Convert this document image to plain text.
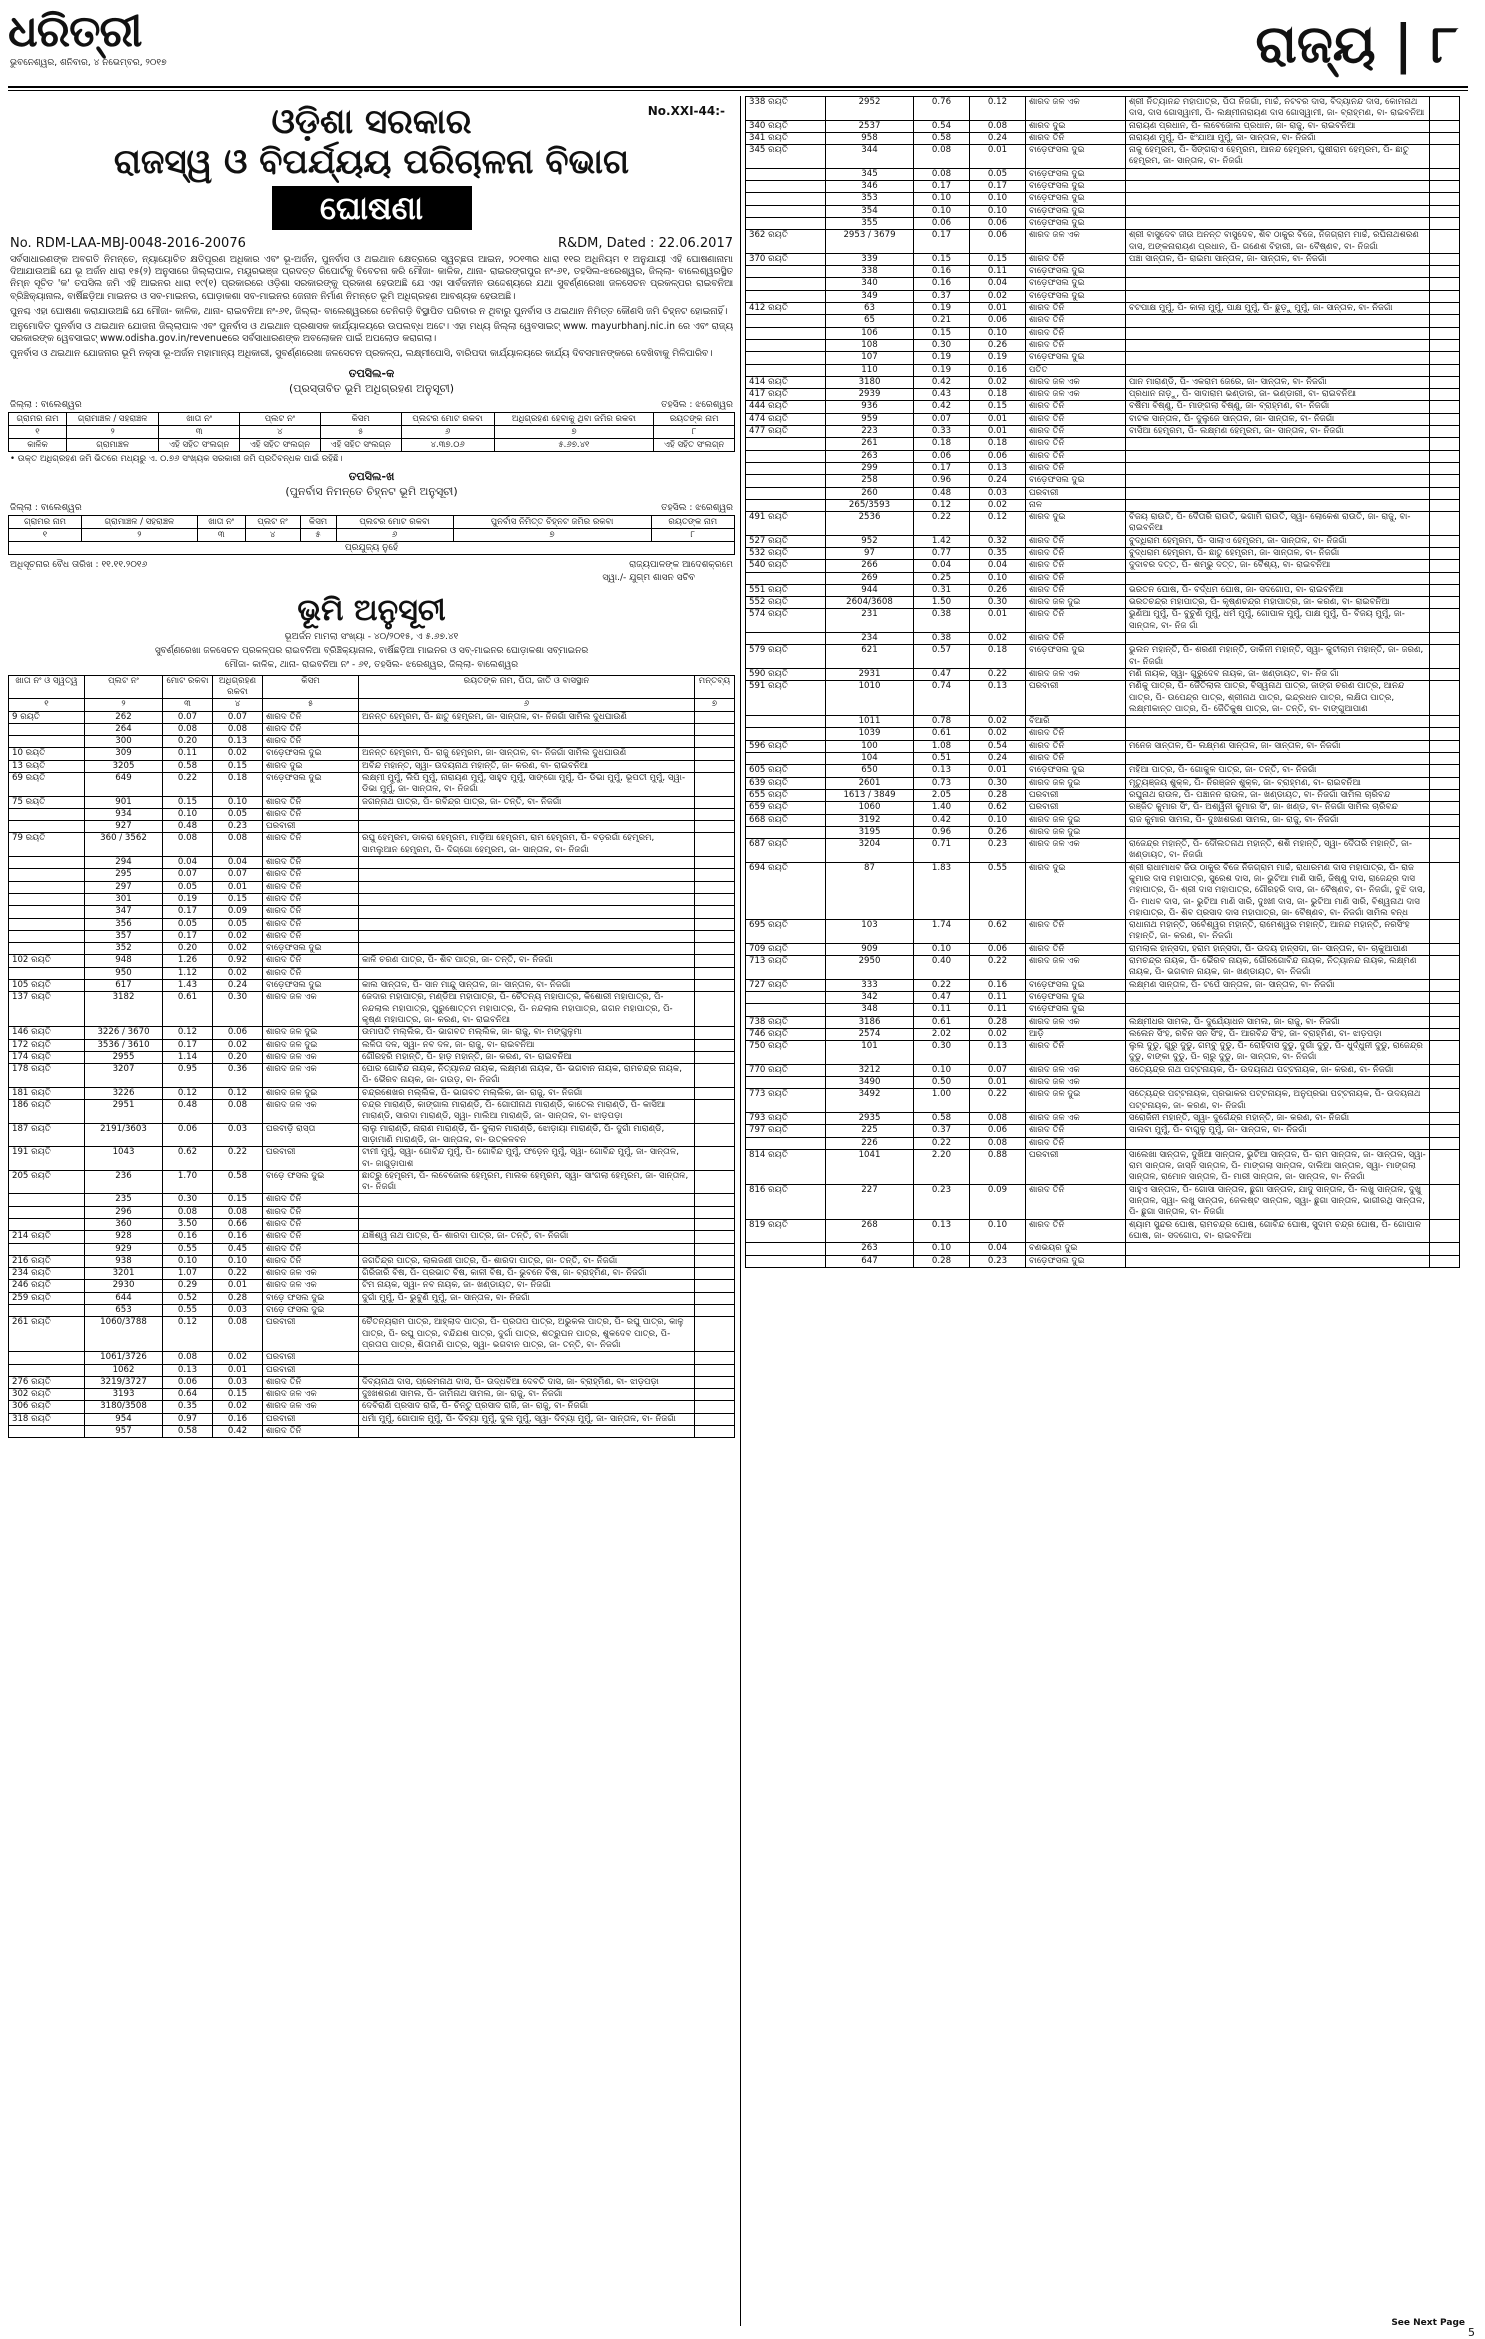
ଧରିତ୍ରୀ
ଭୁବନେଶ୍ୱର, ଶନିବାର, ୪ ନଭେମ୍ବର, ୨୦୧୭	ରାଜ୍ୟ | ୮
No.XXI-44:-
ଓଡ଼ିଶା ସରକାର
ରାଜସ୍ୱ ଓ ବିପର୍ଯ୍ୟୟ ପରିଚାଳନା ବିଭାଗ
ଘୋଷଣା
No. RDM-LAA-MBJ-0048-2016-20076	R&DM, Dated : 22.06.2017
ସର୍ବସାଧାରଣଙ୍କ ଅବଗତି ନିମନ୍ତେ, ନ୍ୟାୟୋଚିତ କ୍ଷତିପୂରଣ ଅଧିକାର ଏବଂ ଭୂ-ଅର୍ଜନ, ପୁନର୍ବାସ ଓ ଥଇଥାନ କ୍ଷେତ୍ରରେ ସ୍ୱଚ୍ଛତା ଆଇନ, ୨୦୧୩ର ଧାରା ୧୧ର ଅଧିନିୟମ ୧ ଅନୁଯାୟୀ ଏହି ଘୋଷଣାନାମା ଦିଆଯାଉଅଛି ଯେ ଭୂ ଅର୍ଜନ ଧାରା ୧୫(୨) ଅନୁସାରେ ଜିଲ୍ଲାପାଳ, ମୟୂରଭଞ୍ଜ ପ୍ରଦତ୍ତ ରିପୋର୍ଟକୁ ବିବେଚନା କରି ମୌଜା- କାଳିକ, ଥାନା- ରାଇରଙ୍ଗପୁର ନଂ-୬୧, ତହସିଲ-ଝରେଶ୍ୱର, ଜିଲ୍ଲା- ବାଲେଶ୍ୱରସ୍ଥିତ ନିମ୍ନ ସୂଚିତ 'କ' ତପସିଲ ଜମି ଏହି ଆଇନର ଧାରା ୧୯(୧) ପ୍ରକାରରେ ଓଡ଼ିଶା ସରକାରଙ୍କୁ ପ୍ରକାଶ ହେଉଅଛି ଯେ ଏହା ସାର୍ବଜନୀନ ଉଦ୍ଦେଶ୍ୟରେ ଯଥା ସୁବର୍ଣ୍ଣରେଖା ଜଳସେଚନ ପ୍ରକଳ୍ପର ରାଇବନିଆ ବ୍ରିଞ୍ଚିକ୍ୟାନାଲ, ବାର୍ଷିଛଡ଼ିଆ ମାଇନର ଓ ସବ-ମାଇନର, ଘୋଡ଼ାକଶା ସବ-ମାଇନର ଜେନାନ ନିର୍ମାଣ ନିମନ୍ତେ ଭୂମି ଅଧିଗ୍ରହଣ ଆବଶ୍ୟକ ହେଉଅଛି।
ପୁନଶ୍ଚ ଏହା ଘୋଷଣା କରାଯାଉଅଛି ଯେ ମୌଜା- କାଳିକ, ଥାନା- ରାଇବନିଆ ନଂ-୬୧, ଜିଲ୍ଲା- ବାଲେଶ୍ୱରରେ ଚେନିଗଡ଼ି ବିସ୍ଥାପିତ ପରିବାର ନ ଥିବାରୁ ପୁନର୍ବାସ ଓ ଥଇଥାନ ନିମିତ୍ତ କୌଣସି ଜମି ଚିହ୍ନଟ ହୋଇନାହିଁ।
ଅନୁମୋଦିତ ପୁନର୍ବାସ ଓ ଥଇଥାନ ଯୋଜନା ଜିଲ୍ଲାପାଳ ଏବଂ ପୁନର୍ବାସ ଓ ଥଇଥାନ ପ୍ରଶାସକ କାର୍ଯ୍ୟାଳୟରେ ଉପଲବ୍ଧ ଅଟେ। ଏହା ମଧ୍ୟ ଜିଲ୍ଲା ୱେବସାଇଟ୍ www. mayurbhanj.nic.in ରେ ଏବଂ ରାଜ୍ୟ ସରକାରଙ୍କ ୱେବସାଇଟ୍ www.odisha.gov.in/revenueରେ ସର୍ବସାଧାରଣଙ୍କ ଅବଲୋକନ ପାଇଁ ଅପଲୋଡ କରାଗଲା।
ପୁନର୍ବାସ ଓ ଥଇଥାନ ଯୋଜନାର ଭୂମି ନକ୍ସା ଭୂ-ଅର୍ଜନ ମହାମାନ୍ୟ ଅଧିକାରୀ, ସୁବର୍ଣ୍ଣରେଖା ଜଳସେଚନ ପ୍ରକଳ୍ପ, ଲକ୍ଷ୍ମୀପୋସି, ବାରିପଦା କାର୍ଯ୍ୟାଳୟରେ କାର୍ଯ୍ୟ ଦିବସମାନଙ୍କରେ ଦେଖିବାକୁ ମିଳିପାରିବ।
ତପସିଲ-କ
(ପ୍ରସ୍ତାବିତ ଭୂମି ଅଧିଗ୍ରହଣ ଅନୁସୂଚୀ)
ଜିଲ୍ଲା : ବାଲେଶ୍ୱର	ତହସିଲ : ଝରେଶ୍ୱର
ଗ୍ରାମର ନାମ	ଗ୍ରାମାଞ୍ଚଳ / ସହରାଞ୍ଚଳ	ଖାତା ନଂ	ପ୍ଲଟ ନଂ	କିସମ	ପ୍ଲଟର ମୋଟ ରକବା	ଅଧିଗ୍ରହଣ ହେବାକୁ ଥିବା ଜମିର ରକବା	ରୟତଙ୍କ ନାମ
୧	୨	୩	୪	୫	୬	୭	୮
କାଳିକ	ଗ୍ରାମାଞ୍ଚଳ	ଏହି ସହିତ ସଂଲଗ୍ନ	ଏହି ସହିତ ସଂଲଗ୍ନ	ଏହି ସହିତ ସଂଲଗ୍ନ	୪.୩୭.୦୬	୫.୬୭.୪୧	ଏହି ସହିତ ସଂଲଗ୍ନ
• ଉକ୍ତ ଅଧିଗ୍ରହଣ ଜମି ଭିତରେ ମଧ୍ୟରୁ ଏ. ୦.୭୬ ସଂଖ୍ୟକ ସରକାରୀ ଜମି ପ୍ରତିବନ୍ଧକ ପାଇଁ ରହିଛି।
ତପସିଲ-ଖ
(ପୁନର୍ବାସ ନିମନ୍ତେ ଚିହ୍ନଟ ଭୂମି ଅନୁସୂଚୀ)
ଜିଲ୍ଲା : ବାଲେଶ୍ୱର	ତହସିଲ : ଝରେଶ୍ୱର
ଗ୍ରାମର ନାମ	ଗ୍ରାମାଞ୍ଚଳ / ସହରାଞ୍ଚଳ	ଖାତା ନଂ	ପ୍ଲଟ ନଂ	କିସମ	ପ୍ଲଟର ମୋଟ ରକବା	ପୁନର୍ବାସ ନିମିତ୍ତ ଚିହ୍ନଟ ଜମିର ରକବା	ରୟତଙ୍କ ନାମ
୧	୨	୩	୪	୫	୬	୭	୮
ପ୍ରଯୁଜ୍ୟ ନୁହେଁ
ଅଧିସୂଚନାର ବୈଧ ତାରିଖ : ୧୧.୧୧.୨୦୧୬	ରାଜ୍ୟପାଳଙ୍କ ଆଦେଶକ୍ରମେ
ସ୍ୱା./- ଯୁଗ୍ମ ଶାସନ ସଚିବ
ଭୂମି ଅନୁସୂଚୀ
ଭୂଅର୍ଜନ ମାମଲା ସଂଖ୍ୟା - ୪୦/୨୦୧୫, ଏ ୫.୬୭.୪୧
ସୁବର୍ଣ୍ଣରେଖା ଜଳସେଚନ ପ୍ରକଳ୍ପର ରାଇବନିଆ ବ୍ରିଞ୍ଚିକ୍ୟାନାଲ, ବାର୍ଷିଛଡ଼ିଆ ମାଇନର ଓ ସବ୍-ମାଇନର ଘୋଡ଼ାକଶା ସବ୍‌ମାଇନର
ମୌଜା- କାଳିକ, ଥାନା- ରାଇବନିଆ ନଂ - ୬୧, ତହସିଲ- ଝରେଶ୍ୱର, ଜିଲ୍ଲା- ବାଲେଶ୍ୱର
ଖାତା ନଂ ଓ ସ୍ୱତ୍ୱ	ପ୍ଲଟ ନଂ	ମୋଟ ରକବା	ଅଧିଗ୍ରହଣ ରକବା	କିସମ	ରୟତଙ୍କ ନାମ, ପିତା, ଜାତି ଓ ବାସସ୍ଥାନ	ମନ୍ତବ୍ୟ
୧	୨	୩	୪	୫	୬	୭
9 ରୟତି	262	0.07	0.07	ଶାରଦ ତିନି	ଅନନ୍ତ ହେମ୍ବ୍ରମ, ପି- ଛାତୁ ହେମ୍ବ୍ରମ, ଜା- ସାନ୍ତାଳ, ବା- ନିଜଗାଁ ସାମିଲ ଦୁଧଘାଉଣି	
	264	0.08	0.08	ଶାରଦ ତିନି		
	300	0.20	0.13	ଶାରଦ ତିନି		
10 ରୟତି	309	0.11	0.02	ବାଡ଼େଫସଲ ଦୁଇ	ଅନନ୍ତ ହେମ୍ବ୍ରମ, ପି- ରାଜୁ ହେମ୍ବ୍ରମ, ଜା- ସାନ୍ତାଳ, ବା- ନିଜଗାଁ ସାମିଲ ଦୁଧଘାଉଣି	
13 ରୟତି	3205	0.58	0.15	ଶାରଦ ଦୁଇ	ଅବିନ୍ଦ ମହାନ୍ତ, ସ୍ୱା- ଉଦୟନାଥ ମହାନ୍ତି, ଜା- କରଣ, ବା- ରାଇବନିଆ	
69 ରୟତି	649	0.22	0.18	ବାଡ଼େଫସଲ ଦୁଇ	ଲକ୍ଷ୍ମୀ ମୁର୍ମୁ, ଲିପି ମୁର୍ମୁ, ନାରାୟଣ ମୁର୍ମୁ, ସାହୁଦ ମୁର୍ମୁ, ସାଙ୍ଗୋ ମୁର୍ମୁ, ପି- ଡିଭା ମୁର୍ମୁ, ଭୂପତୀ ମୁର୍ମୁ, ସ୍ୱା- ଡିଭା ମୁର୍ମୁ, ଜା- ସାନ୍ତାଳ, ବା- ନିଜଗାଁ	
75 ରୟତି	901	0.15	0.10	ଶାରଦ ତିନି	ଜଗନ୍ନାଥ ପାତ୍ର, ପି- ରବିନ୍ଦ୍ର ପାତ୍ର, ଜା- ତନ୍ତି, ବା- ନିଜଗାଁ	
	934	0.10	0.05	ଶାରଦ ତିନି		
	927	0.48	0.23	ଘରବାରୀ		
79 ରୟତି	360 / 3562	0.08	0.08	ଶାରଦ ତିନି	ରଘୁ ହେମ୍ବ୍ରମ, ଡାକରା ହେମ୍ବ୍ରମ, ମାଡ଼ିଆ ହେମ୍ବ୍ରମ, ରାମ ହେମ୍ବ୍ରମ, ପି- ବଡ଼ରଗାଁ ହେମ୍ବ୍ରମ, ସାମଲୁଆନ ହେମ୍ବ୍ରମ, ପି- ଦିଗ୍ଗୋ ହେମ୍ବ୍ରମ, ଜା- ସାନ୍ତାଳ, ବା- ନିଜଗାଁ	
	294	0.04	0.04	ଶାରଦ ତିନି		
	295	0.07	0.07	ଶାରଦ ତିନି		
	297	0.05	0.01	ଶାରଦ ତିନି		
	301	0.19	0.15	ଶାରଦ ତିନି		
	347	0.17	0.09	ଶାରଦ ତିନି		
	356	0.05	0.05	ଶାରଦ ତିନି		
	357	0.17	0.02	ଶାରଦ ତିନି		
	352	0.20	0.02	ବାଡ଼େଫସଲ ଦୁଇ		
102 ରୟତି	948	1.26	0.92	ଶାରଦ ତିନି	କାଳି ଚରଣ ପାତ୍ର, ପି- ଶିବ ପାତ୍ର, ଜା- ତନ୍ତି, ବା- ନିଜଗାଁ	
	950	1.12	0.02	ଶାରଦ ତିନି		
105 ରୟତି	617	1.43	0.24	ବାଡ଼େଫସଲ ଦୁଇ	କାଲ ସାନ୍ତାଳ, ପି- ସାନ ମାନ୍ଦୁ ସାନ୍ତାଳ, ଜା- ସାନ୍ତାଳ, ବା- ନିଜଗାଁ	
137 ରୟତି	3182	0.61	0.30	ଶାରଦ ଜଳ ଏକ	ଜେଦାର ମହାପାତ୍ର, ମଣ୍ଡିଆ ମହାପାତ୍ର, ପି- ଚୈତନ୍ୟ ମହାପାତ୍ର, କିଶୋରୀ ମହାପାତ୍ର, ପି- ନନ୍ଦଲାଲ ମହାପାତ୍ର, ପୁରୁଷୋତ୍ତମ ମହାପାତ୍ର, ପି- ନନ୍ଦଲାଲ ମହାପାତ୍ର, ଗଗନ ମହାପାତ୍ର, ପି- କୃଷ୍ଣ ମହାପାତ୍ର, ଜା- କରଣ, ବା- ରାଇବନିଆ	
146 ରୟତି	3226 / 3670	0.12	0.06	ଶାରଦ ଜଳ ଦୁଇ	ଉମାପତି ମଲ୍ଲିକ, ପି- ଭାଗବତ ମଲ୍ଲିକ, ଜା- ରାଜୁ, ବା- ମଙ୍ଗୁଳୁମା	
172 ରୟତି	3536 / 3610	0.17	0.02	ଶାରଦ ଜଳ ଦୁଇ	ଲଳିତା ଦଳ, ସ୍ୱା- ନବ ଦଳ, ଜା- ରାଜୁ, ବା- ରାଇବନିଆ	
174 ରୟତି	2955	1.14	0.20	ଶାରଦ ଜଳ ଏକ	ଗୌରହରି ମହାନ୍ତି, ପି- ହାଡ଼ ମହାନ୍ତି, ଜା- କରଣ, ବା- ରାଇବନିଆ	
178 ରୟତି	3207	0.95	0.36	ଶାରଦ ଜଳ ଏକ	ଘୋର ଗୋବିନ୍ଦ ନାୟକ, ନିତ୍ୟାନନ୍ଦ ନାୟକ, ଲକ୍ଷ୍ମଣ ନାୟକ, ପି- ଭଗବାନ ନାୟକ, ରାମଚନ୍ଦ୍ର ନାୟକ, ପି- ଭୈରବ ନାୟକ, ଜା- ଗଉଡ଼, ବା- ନିଜଗାଁ	
181 ରୟତି	3226	0.12	0.12	ଶାରଦ ଜଳ ଦୁଇ	ଚନ୍ଦ୍ରଶେଖର ମଲ୍ଲିକ, ପି- ଭାଗବତ ମଲ୍ଲିକ, ଜା- ରାଜୁ, ବା- ନିଜଗାଁ	
186 ରୟତି	2951	0.48	0.08	ଶାରଦ ଜଳ ଏକ	ଚନ୍ଦ୍ର ମାରାଣ୍ଡି, କାଙ୍ଗାଲ ମାରାଣ୍ଡି, ପି- ଗୋପୀନାଥ ମାରାଣ୍ଡି, କାତେଲ ମାରାଣ୍ଡି, ପି- କାସିଆ ମାରାଣ୍ଡି, ସାରଦା ମାରାଣ୍ଡି, ସ୍ୱା- ମାଲିଆ ମାରାଣ୍ଡି, ଜା- ସାନ୍ତାଳ, ବା- ଝାଡ଼ପଡ଼ା	
187 ରୟତି	2191/3603	0.06	0.03	ଘରବାଡ଼ି ରାସ୍ତା	ଲାଲୁ ମାରାଣ୍ଡି, ନାରାଣ ମାରାଣ୍ଡି, ପି- ଦୁଲାଳ ମାରାଣ୍ଡି, ଝୋଡ଼ାୟା ମାରାଣ୍ଡି, ପି- ଦୁର୍ଗା ମାରାଣ୍ଡି, ସାଡ଼ାମାଣି ମାରାଣ୍ଡି, ଜା- ସାନ୍ତାଳ, ବା- ଉତ୍କଳବନ	
191 ରୟତି	1043	0.62	0.22	ଘରବାରୀ	ଟାମୀ ମୁର୍ମୁ, ସ୍ୱା- ଗୋବିନ୍ଦ ମୁର୍ମୁ, ପି- ଗୋବିନ୍ଦ ମୁର୍ମୁ, ଫଡ଼େନ ମୁର୍ମୁ, ସ୍ୱା- ଗୋବିନ୍ଦ ମୁର୍ମୁ, ଜା- ସାନ୍ତାଳ, ବା- ଜାଗୁଡ଼ାପାଶ	
205 ରୟତି	236	1.70	0.58	ବାଡ଼େ ଫସଲ ଦୁଇ	ଛାତ୍ରୁ ହେମ୍ବ୍ରମ, ପି- ଲବେଜୋଲ ହେମ୍ବ୍ରମ, ମାଲକ ହେମ୍ବ୍ରମ, ସ୍ୱା- ସାଂଗଲା ହେମ୍ବ୍ରମ, ଜା- ସାନ୍ତାଳ, ବା- ନିଜଗାଁ	
	235	0.30	0.15	ଶାରଦ ତିନି		
	296	0.08	0.08	ଶାରଦ ତିନି		
	360	3.50	0.66	ଶାରଦ ତିନି		
214 ରୟତି	928	0.16	0.16	ଶାରଦ ତିନି	ଯଜ୍ଞିଶ୍ୱ ନାଥ ପାତ୍ର, ପି- ଶାରଦା ପାତ୍ର, ଜା- ତନ୍ତି, ବା- ନିଜଗାଁ	
	929	0.55	0.45	ଶାରଦ ତିନି		
216 ରୟତି	938	0.10	0.10	ଶାରଦ ତିନି	ଜଗତିନ୍ଦ୍ର ପାତ୍ର, ଲାଲଜଣୀ ପାତ୍ର, ପି- ଶାରଦା ପାତ୍ର, ଜା- ତନ୍ତି, ବା- ନିଜଗାଁ	
234 ରୟତି	3201	1.07	0.22	ଶାରଦ ଜଳ ଏକ	ଗିରିଜାରି ବିଷ, ପି- ପ୍ରଭାତ ବିଷ, କାଳୀ ବିଷ, ପି- ଭୁବନେ ବିଷ, ଜା- ବ୍ରାହ୍ମିଣ, ବା- ନିଜଗାଁ	
246 ରୟତି	2930	0.29	0.01	ଶାରଦ ଜଳ ଏକ	ଟିମ ନାୟକ, ସ୍ୱା- ନବ ନାୟକ, ଜା- ଖଣ୍ଡାୟତ, ବା- ନିଜଗାଁ	
259 ରୟତି	644	0.52	0.28	ବାଡ଼େ ଫସଲ ଦୁଇ	ଦୁର୍ଗା ମୁର୍ମୁ, ପି- ଭୁବୁଣି ମୁର୍ମୁ, ଜା- ସାନ୍ତାଳ, ବା- ନିଜଗାଁ	
	653	0.55	0.03	ବାଡ଼େ ଫସଲ ଦୁଇ		
261 ରୟତି	1060/3788	0.12	0.08	ଘରବାରୀ	ଚୈତନ୍ୟରାମ ପାତ୍ର, ଆହ୍ଲାଦ ପାତ୍ର, ପି- ପ୍ରତାପ ପାତ୍ର, ଅଭୁକଲ ପାତ୍ର, ପି- ରଘୁ ପାତ୍ର, କାଳୁ ପାତ୍ର, ପି- ରଘୁ ପାତ୍ର, ବନ୍ଦିଯଶ ପାତ୍ର, ଦୁର୍ଗା ପାତ୍ର, ଶତ୍ରୁଘନ ପାତ୍ର, ଶୁକଦେବ ପାତ୍ର, ପି- ପ୍ରତାପ ପାତ୍ର, ଶିତାମଣି ପାତ୍ର, ସ୍ୱା- ଭଗବାନ ପାତ୍ର, ଜା- ତନ୍ତି, ବା- ନିଜଗାଁ	
	1061/3726	0.08	0.02	ଘରବାରୀ		
	1062	0.13	0.01	ଘରବାରୀ		
276 ରୟତି	3219/3727	0.06	0.03	ଶାରଦ ତିନି	ଦିବ୍ୟନାଥ ଦାସ, ପ୍ରେମନାଥ ଦାସ, ପି- ଉଦ୍ଧବିଆ ଦେବତି ଦାସ, ଜା- ବ୍ରାହ୍ମିଣ, ବା- ଝାଡ଼ପଡ଼ା	
302 ରୟତି	3193	0.64	0.15	ଶାରଦ ଜଳ ଏକ	ଦୁଃଖଶରଣ ସାମଲ, ପି- ଜାମିନାଥ ସାମଲ, ଜା- ରାଜୁ, ବା- ନିଜଗାଁ	
306 ରୟତି	3180/3508	0.35	0.02	ଶାରଦ ଜଳ ଏକ	ଦେବିରାଣି ପ୍ରସାଦ ରାଜି, ପି- ଚିନ୍ତୁ ପ୍ରସାଦ ରାଜି, ଜା- ରାଜୁ, ବା- ନିଜଗାଁ	
318 ରୟତି	954	0.97	0.16	ଘରବାରୀ	ଧର୍ମା ମୁର୍ମୁ, ଗୋପାଳ ମୁର୍ମୁ, ପି- ଦିବ୍ୟା ମୁର୍ମୁ, ଦୁଲ ମୁର୍ମୁ, ସ୍ୱା- ଦିବ୍ୟା ମୁର୍ମୁ, ଜା- ସାନ୍ତାଳ, ବା- ନିଜଗାଁ	
	957	0.58	0.42	ଶାରଦ ତିନି		
338 ରୟତି	2952	0.76	0.12	ଶାରଦ ଜଳ ଏକ	ଶ୍ରୀ ନିତ୍ୟାନନ୍ଦ ମହାପାତ୍ର, ପିତା ନିଜଗାଁ, ମାର୍ଚ୍ଚ, ନଟବର ଦାସ, ବିଦ୍ୟାନନ୍ଦ ଦାସ, କୋମନାଥ ଦାସ, ଦାସ ଗୋସ୍ୱାମୀ, ପି- ଲକ୍ଷ୍ମୀନାରାୟଣ ଦାସ ଗୋସ୍ୱାମୀ, ଜା- ବ୍ରାହ୍ମଣ, ବା- ରାଇବନିଆ	
340 ରୟତି	2537	0.54	0.08	ଶାରଦ ଦୁଇ	ନାରାୟଣ ପ୍ରଧାନ, ପି- ଲବେଜୋଲ ପ୍ରଧାନ, ଜା- ରାଜୁ, ବା- ରାଇବନିଆ	
341 ରୟତି	958	0.58	0.24	ଶାରଦ ତିନି	ନାରାୟଣ ମୁର୍ମୁ, ପି- ଝିଂଯାଆ ମୁର୍ମୁ, ଜା- ସାନ୍ତାଳ, ବା- ନିଜଗାଁ	
345 ରୟତି	344	0.08	0.01	ବାଡ଼େଫସଲ ଦୁଇ	ନାକୁ ହେମ୍ବ୍ରମ, ପି- ସିଙ୍ଗରାଏ ହେମ୍ବ୍ରମ, ଆନନ୍ଦ ହେମ୍ବ୍ରମ, ଘୁଷୀରାମ ହେମ୍ବ୍ରମ, ପି- ଛାତୁ ହେମ୍ବ୍ରମ, ଜା- ସାନ୍ତାଳ, ବା- ନିଜଗାଁ	
	345	0.08	0.05	ବାଡ଼େଫସଲ ଦୁଇ		
	346	0.17	0.17	ବାଡ଼େଫସଲ ଦୁଇ		
	353	0.10	0.10	ବାଡ଼େଫସଲ ଦୁଇ		
	354	0.10	0.10	ବାଡ଼େଫସଲ ଦୁଇ		
	355	0.06	0.06	ବାଡ଼େଫସଲ ଦୁଇ		
362 ରୟତି	2953 / 3679	0.17	0.06	ଶାରଦ ଜଳ ଏକ	ଶ୍ରୀ ବାସୁଦେବ ଜୀଉ ଅନନ୍ତ ବାସୁଦେବ, ଶିବ ଠାକୁର ବିଜେ, ନିଜଗ୍ରାମ ମାର୍ଚ୍ଚ, ରଘିନାଥଶରଣ ଦାସ, ଅଙ୍କନାରାୟଣ ପ୍ରଧାନ, ପି- ଗଣେଶ ବିହାରୀ, ଜା- ବୈଷ୍ଣବ, ବା- ନିଜଗାଁ	
370 ରୟତି	339	0.15	0.15	ଶାରଦ ତିନି	ପଞ୍ଚା ସାନ୍ତାଳ, ପି- ରାଇମା ସାନ୍ତାଳ, ଜା- ସାନ୍ତାଳ, ବା- ନିଜଗାଁ	
	338	0.16	0.11	ବାଡ଼େଫସଲ ଦୁଇ		
	340	0.16	0.04	ବାଡ଼େଫସଲ ଦୁଇ		
	349	0.37	0.02	ବାଡ଼େଫସଲ ଦୁଇ		
412 ରୟତି	63	0.19	0.01	ଶାରଦ ତିନି	ବଟପାକ୍ଷ ମୁର୍ମୁ, ପି- କାଲା ମୁର୍ମୁ, ପାକ୍ଷ ମୁର୍ମୁ, ପି- ଛୁଡ଼ୁ ମୁର୍ମୁ, ଜା- ସାନ୍ତାଳ, ବା- ନିଜଗାଁ	
	65	0.21	0.06	ଶାରଦ ତିନି		
	106	0.15	0.10	ଶାରଦ ତିନି		
	108	0.30	0.26	ଶାରଦ ତିନି		
	107	0.19	0.19	ବାଡ଼େଫସଲ ଦୁଇ		
	110	0.19	0.16	ପତିତ		
414 ରୟତି	3180	0.42	0.02	ଶାରଦ ଜଳ ଏକ	ପାନ ମାରାଣ୍ଡି, ପି- ଏକରାମ ଜେରେ, ଜା- ସାନ୍ତାଳ, ବା- ନିଜଗାଁ	
417 ରୟତି	2939	0.43	0.18	ଶାରଦ ଜଳ ଏକ	ପ୍ରଧାନ ନାଡ଼ୁ, ପି- ସାଦାରାମ ଭଣ୍ଡାର, ଜା- ଭଣ୍ଡାରୀ, ବା- ରାଇବନିଆ	
444 ରୟତି	936	0.42	0.15	ଶାରଦ ତିନି	ବର୍ଷିମା ବିଷ୍ଣୁ, ପି- ମାଙ୍ଗଲା ବିଷ୍ଣୁ, ଜା- ବ୍ରାହ୍ମଣ, ବା- ନିଜଗାଁ	
474 ରୟତି	959	0.07	0.01	ଶାରଦ ତିନି	ବାଟକ ସାନ୍ତାଳ, ପି- ଦୁଲୁଜେ ସାନ୍ତାଳ, ଜା- ସାନ୍ତାଳ, ବା- ନିଜଗାଁ	
477 ରୟତି	223	0.33	0.01	ଶାରଦ ତିନି	ବାସିଆ ହେମ୍ବ୍ରମ, ପି- ଲକ୍ଷ୍ମଣ ହେମ୍ବ୍ରମ, ଜା- ସାନ୍ତାଳ, ବା- ନିଜଗାଁ	
	261	0.18	0.18	ଶାରଦ ତିନି		
	263	0.06	0.06	ଶାରଦ ତିନି		
	299	0.17	0.13	ଶାରଦ ତିନି		
	258	0.96	0.24	ବାଡ଼େଫସଲ ଦୁଇ		
	260	0.48	0.03	ଘରବାରୀ		
	265/3593	0.12	0.02	ନାଳ		
491 ରୟତି	2536	0.22	0.12	ଶାରଦ ଦୁଇ	ବିଜୟ ରାଉତି, ପି- ଦୈତାରି ରାଉତି, ଭଗାମି ରାଉତି, ସ୍ୱା- ଲୋକେଶ ରାଉତି, ଜା- ରାଜୁ, ବା- ରାଇବନିଆ	
527 ରୟତି	952	1.42	0.32	ଶାରଦ ତିନି	ବୁଦ୍ଧିରାମ ହେମ୍ବ୍ରମ, ପି- ସାଲାଏ ହେମ୍ବ୍ରମ, ଜା- ସାନ୍ତାଳ, ବା- ନିଜଗାଁ	
532 ରୟତି	97	0.77	0.35	ଶାରଦ ତିନି	ବୁଦ୍ଧରାମ ହେମ୍ବ୍ରମ, ପି- ଛାତୁ ହେମ୍ବ୍ରମ, ଜା- ସାନ୍ତାଳ, ବା- ନିଜଗାଁ	
540 ରୟତି	266	0.04	0.04	ଶାରଦ ତିନି	ଦୁଦାବର ଦତ୍ତ, ପି- ଶମ୍ଭୁ ଦତ୍ତ, ଜା- ବୈଶ୍ୟ, ବା- ରାଇବନିଆ	
	269	0.25	0.10	ଶାରଦ ତିନି		
551 ରୟତି	944	0.31	0.26	ଶାରଦ ତିନି	ଭରତନ ଘୋଷ, ପି- ବର୍ଦ୍ଧମ ଘୋଷ, ଜା- ସଦଗୋପ, ବା- ରାଇବନିଆ	
552 ରୟତି	2604/3608	1.50	0.30	ଶାରଦ ଜଳ ଦୁଇ	ଭରତଚନ୍ଦ୍ର ମହାପାତ୍ର, ପି- କୃଷ୍ଣଚନ୍ଦ୍ର ମହାପାତ୍ର, ଜା- କରଣ, ବା- ରାଇବନିଆ	
574 ରୟତି	231	0.38	0.01	ଶାରଦ ତିନି	ଭୁଣିଆ ମୁର୍ମୁ, ପି- ବୁଚୁଣି ମୁର୍ମୁ, ଧର୍ମ ମୁର୍ମୁ, ଗୋପାଳ ମୁର୍ମୁ, ପାକ୍ଷ ମୁର୍ମୁ, ପି- ବିଜୟ ମୁର୍ମୁ, ଜା- ସାନ୍ତାଳ, ବା- ନିଜ ଗାଁ	
	234	0.38	0.02	ଶାରଦ ତିନି		
579 ରୟତି	621	0.57	0.18	ବାଡ଼େଫସଲ ଦୁଇ	ଭୁଲନ ମହାନ୍ତି, ପି- ଶରଣୀ ମହାନ୍ତି, ଡାକିନୀ ମହାନ୍ତି, ସ୍ୱା- କୁଟୀଲାମ ମହାନ୍ତି, ଜା- ଜରଣ, ବା- ନିଜଗାଁ	
590 ରୟତି	2931	0.47	0.22	ଶାରଦ ଜଳ ଏକ	ମଣି ନାୟକ, ସ୍ୱା- ଗୁରୁଦେବ ନାୟକ, ଜା- ଖଣ୍ଡାୟତ, ବା- ନିଜ ଗାଁ	
591 ରୟତି	1010	0.74	0.13	ଘରବାରୀ	ମଣିକୁ ପାତ୍ର, ପି- ଜୈତିଲାଲ ପାତ୍ର, ବିସ୍ୱନାଥ ପାତ୍ର, ଜାଙ୍ଗ ଚରଣ ପାତ୍ର, ଆନନ୍ଦ ପାତ୍ର, ପି- ଉପେନ୍ଦ୍ର ପାତ୍ର, ଶ୍ରୀନାଥ ପାତ୍ର, ଇନ୍ଦ୍ରଧନ ପାତ୍ର, ଲକ୍ଷିତା ପାତ୍ର, ଲକ୍ଷ୍ମୀକାନ୍ତ ପାତ୍ର, ପି- ଜୈତିକୁଷ ପାତ୍ର, ଜା- ତନ୍ତି, ବା- ବାଙ୍ଗୁଆପାଣ	
	1011	0.78	0.02	ବିଆରି		
	1039	0.61	0.02	ଶାରଦ ତିନି		
596 ରୟତି	100	1.08	0.54	ଶାରଦ ତିନି	ମନେଜ ସାନ୍ତାଳ, ପି- ଲକ୍ଷ୍ମଣ ସାନ୍ତାଳ, ଜା- ସାନ୍ତାଳ, ବା- ନିଜଗାଁ	
	104	0.51	0.24	ଶାରଦ ତିନି		
605 ରୟତି	650	0.13	0.01	ବାଡ଼େଫସଲ ଦୁଇ	ମହିଆ ପାତ୍ର, ପି- ଗୋକୁଳ ପାତ୍ର, ଜା- ତନ୍ତି, ବା- ନିଜଗାଁ	
639 ରୟତି	2601	0.73	0.30	ଶାରଦ ଜଳ ଦୁଇ	ମୃତ୍ୟୁଞ୍ଜୟ ଶୁକ୍ଳ, ପି- ନିରଞ୍ଜନ ଶୁକ୍ଳ, ଜା- ବ୍ରାହ୍ମଣ, ବା- ରାଇବନିଆ	
655 ରୟତି	1613 / 3849	2.05	0.28	ଘରବାରୀ	ରଘୁନାଥ ରାଉଳ, ପି- ପଞ୍ଚାନନ ରାଉଳ, ଜା- ଖଣ୍ଡାୟତ, ବା- ନିଜଗାଁ ସାମିଲ ଚାରିବନ୍ଦ	
659 ରୟତି	1060	1.40	0.62	ଘରବାରୀ	ରଞ୍ଜିତ କୁମାର ସିଂ, ପି- ଅଶ୍ୱିନୀ କୁମାର ସିଂ, ଜା- ଖଣ୍ଡ, ବା- ନିଜଗାଁ ସାମିଲ ଚାରିବନ୍ଦ	
668 ରୟତି	3192	0.42	0.10	ଶାରଦ ଜଳ ଦୁଇ	ରାଜ କୁମାର ସାମଲ, ପି- ଦୁଃଖଶରଣ ସାମଲ, ଜା- ରାଜୁ, ବା- ନିଜଗାଁ	
	3195	0.96	0.26	ଶାରଦ ଜଳ ଦୁଇ		
687 ରୟତି	3204	0.71	0.23	ଶାରଦ ଜଳ ଏକ	ରାଜେନ୍ଦ୍ର ମହାନ୍ତି, ପି- ଦୌଲତନାଥ ମହାନ୍ତି, ଶଶି ମହାନ୍ତି, ସ୍ୱା- ଦୈତାରି ମହାନ୍ତି, ଜା- ଖଣ୍ଡାୟତ, ବା- ନିଜଗାଁ	
694 ରୟତି	87	1.83	0.55	ଶାରଦ ଦୁଇ	ଶ୍ରୀ ରାଧାମାଧବ ଜିଉ ଠାକୁର ବିଜେ ନିଜଗ୍ରାମ ମାର୍ଚ୍ଚ, ରାଧାରମଣ ଦାସ ମହାପାତ୍ର, ପି- ରାଜ କୁମାର ଦାସ ମହାପାତ୍ର, ସୁରେଶ ଦାସ, ଜା- ଭୁଟିଆ ମାଣି ସାରି, ଜିଷ୍ଣୁ ଦାସ, ରାଜେନ୍ଦ୍ର ଦାସ ମହାପାତ୍ର, ପି- ଶ୍ରୀ ଦାସ ମହାପାତ୍ର, ଗୌରହରି ଦାସ, ଜା- ବୈଷ୍ଣବ, ବା- ନିଜଗାଁ, ବୁଝି ଦାସ, ପି- ମାଧବ ଦାସ, ଜା- ଭୁଟିଆ ମାଣି ସାରି, ଦୁଃଖୀ ଦାସ, ଜା- ଭୁଟିଆ ମାଣି ସାରି, ବିଶ୍ୱନାଥ ଦାସ ମହାପାତ୍ର, ପି- ଶିବ ପ୍ରସାଦ ଦାସ ମହାପାତ୍ର, ଜା- ବୈଷ୍ଣବ, ବା- ନିଜଗାଁ ସାମିଲ ବନ୍ଧ	
695 ରୟତି	103	1.74	0.62	ଶାରଦ ତିନି	ରାଧାନାଥ ମହାନ୍ତି, ସର୍ବେଶ୍ୱର ମହାନ୍ତି, ରାମେଶ୍ୱର ମହାନ୍ତି, ଆନନ୍ଦ ମହାନ୍ତି, ନରସିଂହ ମହାନ୍ତି, ଜା- କରଣ, ବା- ନିଜଗାଁ	
709 ରୟତି	909	0.10	0.06	ଶାରଦ ତିନି	ରାମଲାଲ ହାନ୍ସଦା, ହରାମ ହାନ୍ସଦା, ପି- ଉଦୟ ହାନ୍ସଦା, ଜା- ସାନ୍ତାଳ, ବା- ଚାକୁଆପାଣ	
713 ରୟତି	2950	0.40	0.22	ଶାରଦ ଜଳ ଏକ	ରାମଚନ୍ଦ୍ର ନାୟକ, ପି- ଭୈରବ ନାୟକ, ଗୌରଗୋବିନ୍ଦ ନାୟକ, ନିତ୍ୟାନନ୍ଦ ନାୟକ, ଲକ୍ଷ୍ମଣ ନାୟକ, ପି- ଭଗବାନ ନାୟକ, ଜା- ଖଣ୍ଡାୟତ, ବା- ନିଜଗାଁ	
727 ରୟତି	333	0.22	0.16	ବାଡ଼େଫସଲ ଦୁଇ	ଲକ୍ଷ୍ମଣ ସାନ୍ତାଳ, ପି- ଟର୍ପେ ସାନ୍ତାଳ, ଜା- ସାନ୍ତାଳ, ବା- ନିଜଗାଁ	
	342	0.47	0.11	ବାଡ଼େଫସଲ ଦୁଇ		
	348	0.11	0.11	ବାଡ଼େଫସଲ ଦୁଇ		
738 ରୟତି	3186	0.61	0.28	ଶାରଦ ଜଳ ଏକ	ଲକ୍ଷ୍ମୀଧର ସାମଲ, ପି- ଦୁର୍ଯ୍ୟୋଧନ ସାମଲ, ଜା- ରାଜୁ, ବା- ନିଜଗାଁ	
746 ରୟତି	2574	2.02	0.02	ଆଡ଼ି	ଲଲେନ ସିଂହ, ରବିନ ସନ ସିଂହ, ପି- ଆରବିନ୍ଦ ସିଂହ, ଜା- ବ୍ରାହ୍ମିଣ, ବା- ଝାଡ଼ପଡ଼ା	
750 ରୟତି	101	0.30	0.13	ଶାରଦ ତିନି	ଲୁଲ ଦୁଡୁ, ଗୁରୁ ଦୁଡୁ, ଗମ୍ବୁ ଦୁଡୁ, ପି- ରୋହିଦାସ ଦୁଡୁ, ଦୁର୍ଗା ଦୁଡୁ, ପି- ଧୁର୍ଦ୍ଧୁନୀ ଦୁଡୁ, ରାଜେନ୍ଦ୍ର ଦୁଡୁ, ବାଙ୍କା ଦୁଡୁ, ପି- ଚାରୁ ଦୁଡୁ, ଜା- ସାନ୍ତାଳ, ବା- ନିଜଗାଁ	
770 ରୟତି	3212	0.10	0.07	ଶାରଦ ଜଳ ଏକ	ସତ୍ୟେନ୍ଦ୍ର ନାଥ ପଟ୍ଟନାୟକ, ପି- ଉଦୟନାଥ ପଟ୍ଟନାୟକ, ଜା- କରଣ, ବା- ନିଜଗାଁ	
	3490	0.50	0.01	ଶାରଦ ଜଳ ଏକ		
773 ରୟତି	3492	1.00	0.22	ଶାରଦ ଜଳ ଦୁଇ	ସତ୍ୟେନ୍ଦ୍ର ପଟ୍ଟନାୟକ, ପ୍ରଭାକର ପଟ୍ଟନାୟକ, ଅନୁପ୍ରଭା ପଟ୍ଟନାୟକ, ପି- ଉଦୟନାଥ ପଟ୍ଟନାୟକ, ଜା- କରଣ, ବା- ନିଜଗାଁ	
793 ରୟତି	2935	0.58	0.08	ଶାରଦ ଜଳ ଏକ	ସରୋଜିନୀ ମହାନ୍ତି, ସ୍ୱା- ଦୁର୍ଗେନ୍ଦ୍ର ମହାନ୍ତି, ଜା- କରଣ, ବା- ନିଜଗାଁ	
797 ରୟତି	225	0.37	0.06	ଶାରଦ ତିନି	ସାଲବା ମୁର୍ମୁ, ପି- ବାଗୁଳୁ ମୁର୍ମୁ, ଜା- ସାନ୍ତାଳ, ବା- ନିଜଗାଁ	
	226	0.22	0.08	ଶାରଦ ତିନି		
814 ରୟତି	1041	2.20	0.88	ଘରବାରୀ	ସାଲେଖା ସାନ୍ତାଳ, ଦୁଖିଆ ସାନ୍ତାଳ, ଭୁଟିଆ ସାନ୍ତାଳ, ପି- ରାମ ସାନ୍ତାଳ, ଜା- ସାନ୍ତାଳ, ସ୍ୱା- ରାମ ସାନ୍ତାଳ, ଜାସ୍ନି ସାନ୍ତାଳ, ପି- ମାଙ୍ଗଲା ସାନ୍ତାଳ, ଦାଲିଆ ସାନ୍ତାଳ, ସ୍ୱା- ମାଙ୍ଗଲା ସାନ୍ତାଳ, ରାମୋନ ସାନ୍ତାଳ, ପି- ମାରୀ ସାନ୍ତାଳ, ଜା- ସାନ୍ତାଳ, ବା- ନିଜଗାଁ	
816 ରୟତି	227	0.23	0.09	ଶାରଦ ତିନି	ସାହୁଏ ସାନ୍ତାଳ, ପି- ଗୋସା ସାନ୍ତାଳ, ଛୁଗା ସାନ୍ତାଳ, ଯାଦୁ ସାନ୍ତାଳ, ପି- ଲଖୁ ସାନ୍ତାଳ, ଦୁଖୁ ସାନ୍ତାଳ, ସ୍ୱା- ଲଖୁ ସାନ୍ତାଳ, ଜେଲଷ୍ଟ ସାନ୍ତାଳ, ସ୍ୱା- ଛୁଗା ସାନ୍ତାଳ, ଭାଗୀରଥି ସାନ୍ତାଳ, ପି- ଛୁଗା ସାନ୍ତାଳ, ବା- ନିଜଗାଁ	
819 ରୟତି	268	0.13	0.10	ଶାରଦ ତିନି	ଶ୍ୟାମ ସୁନ୍ଦର ଘୋଷ, ରାମଚନ୍ଦ୍ର ଘୋଷ, ଗୋବିନ୍ଦ ଘୋଷ, ସୁଦାମ ଚନ୍ଦ୍ର ଘୋଷ, ପି- ଗୋପାଳ ଘୋଷ, ଜା- ସଦଗୋପ, ବା- ରାଇବନିଆ	
	263	0.10	0.04	ବଣଭୟର ଦୁଇ		
	647	0.28	0.23	ବାଡ଼େଫସଲ ଦୁଇ		
See Next Page
5
